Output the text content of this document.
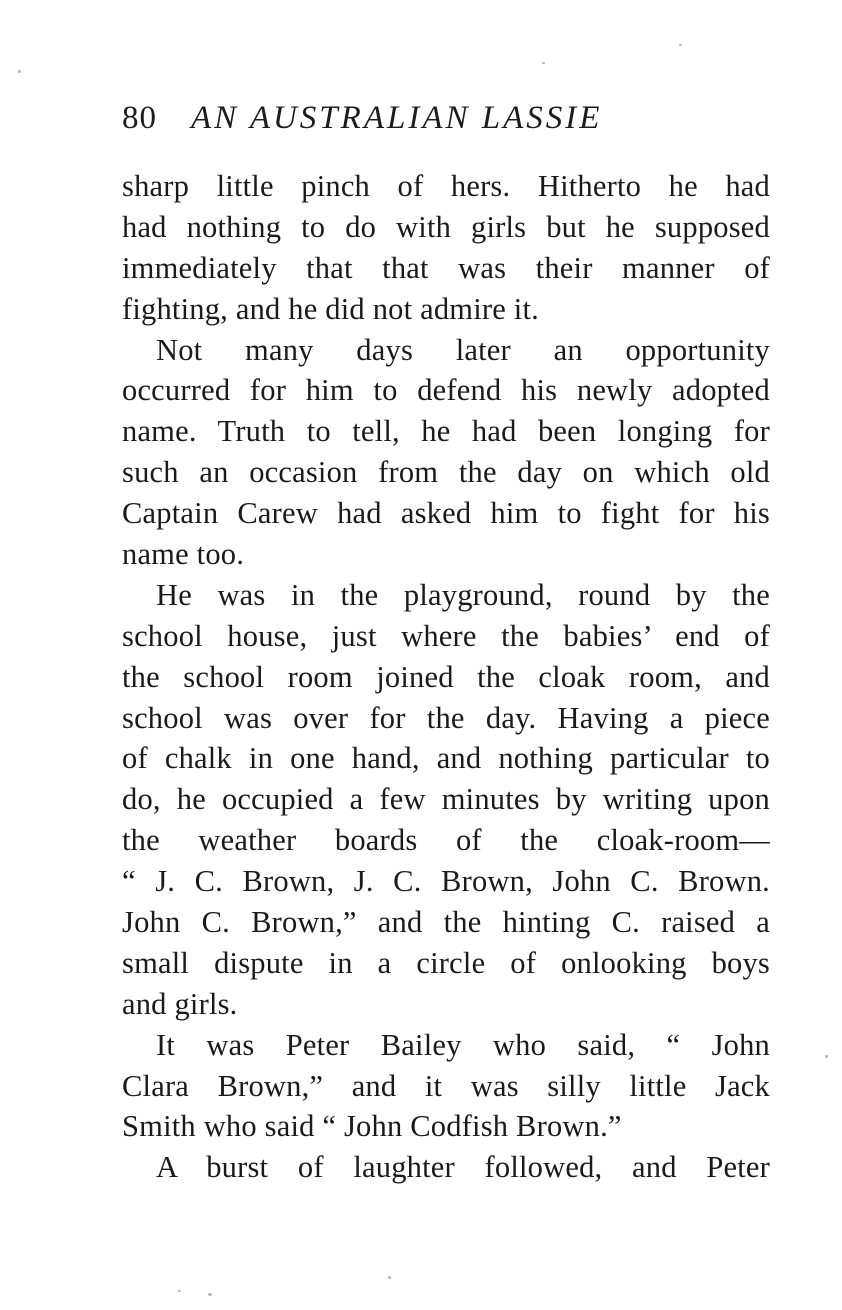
80 AN AUSTRALIAN LASSIE
sharp little pinch of hers. Hitherto he had
had nothing to do with girls but he supposed
immediately that that was their manner of
fighting, and he did not admire it.
Not many days later an opportunity
occurred for him to defend his newly adopted
name. Truth to tell, he had been longing for
such an occasion from the day on which old
Captain Carew had asked him to fight for his
name too.
He was in the playground, round by the
school house, just where the babies’ end of
the school room joined the cloak room, and
school was over for the day. Having a piece
of chalk in one hand, and nothing particular to
do, he occupied a few minutes by writing upon
the weather boards of the cloak-room—
“ J. C. Brown, J. C. Brown, John C. Brown.
John C. Brown,” and the hinting C. raised a
small dispute in a circle of onlooking boys
and girls.
It was Peter Bailey who said, “ John
Clara Brown,” and it was silly little Jack
Smith who said “ John Codfish Brown.”
A burst of laughter followed, and Peter
